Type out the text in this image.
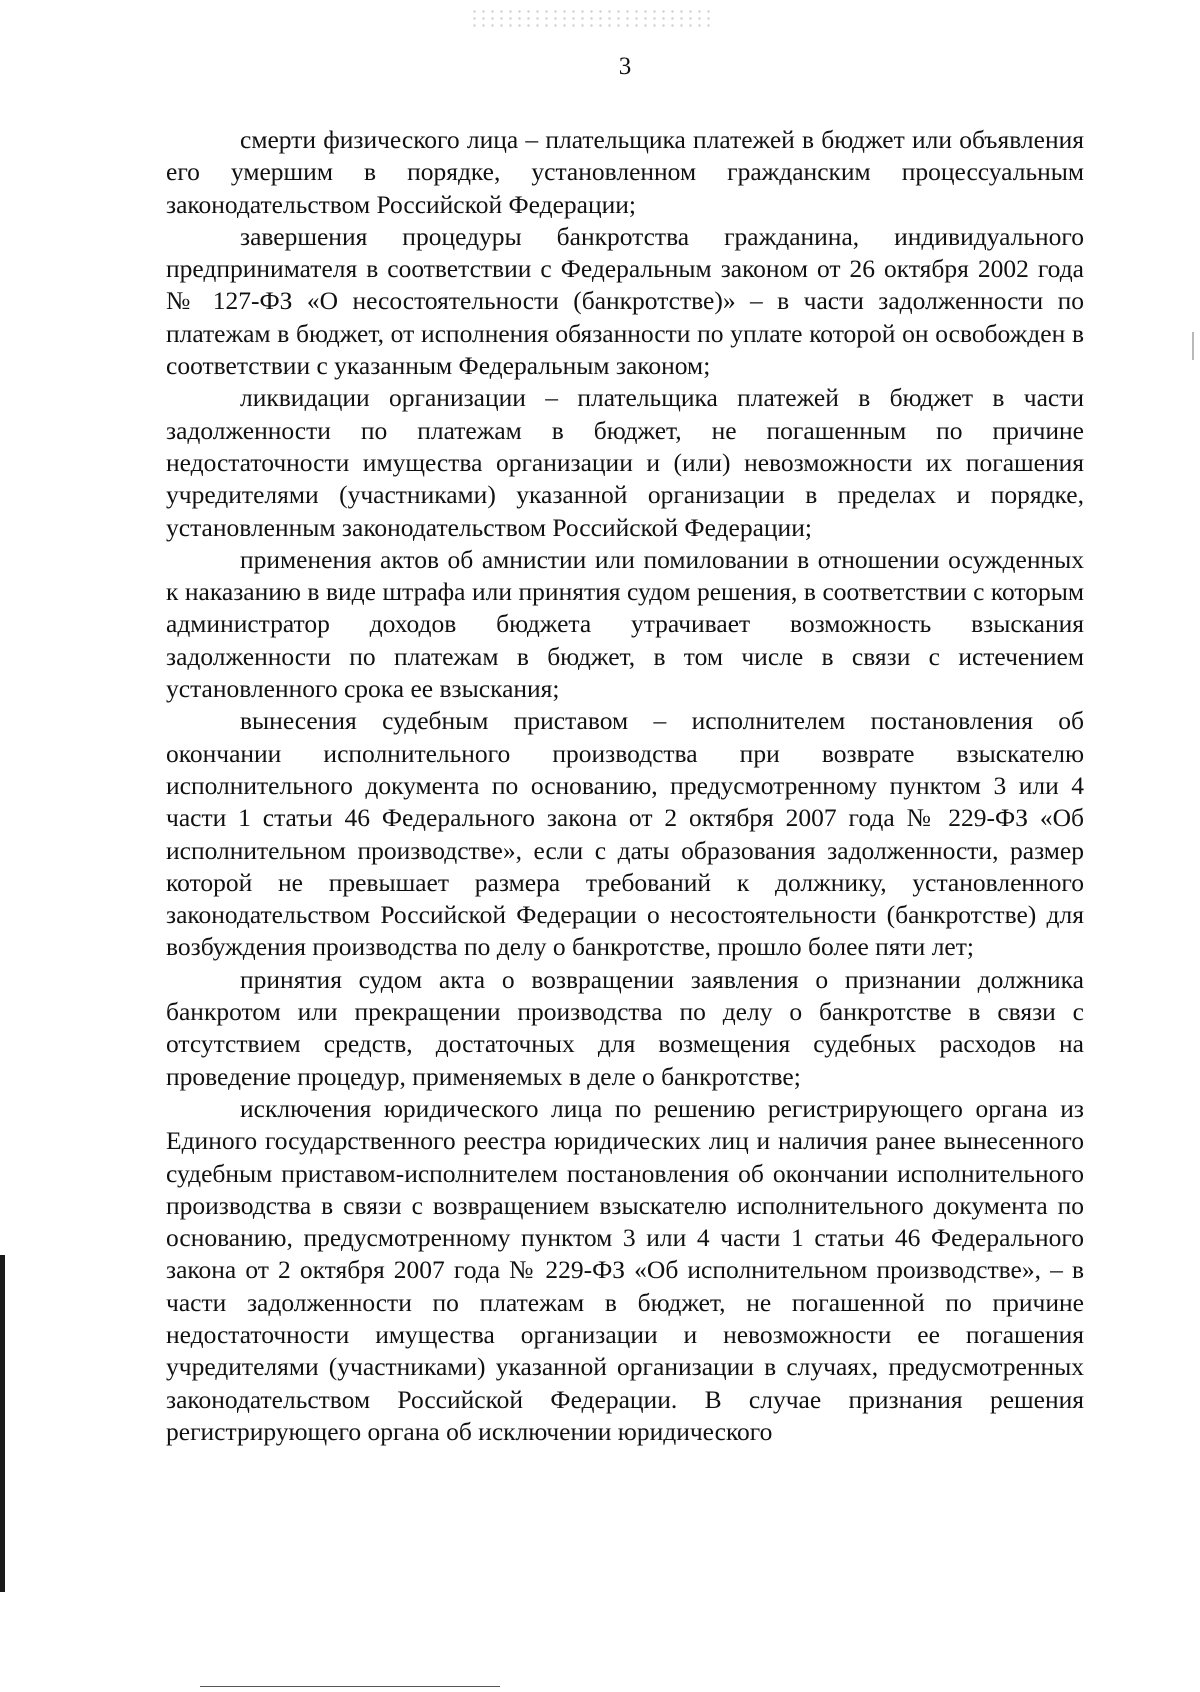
3

смерти физического лица – плательщика платежей в бюджет или объявления его умершим в порядке, установленном гражданским процессуальным законодательством Российской Федерации;

завершения процедуры банкротства гражданина, индивидуального предпринимателя в соответствии с Федеральным законом от 26 октября 2002 года № 127-ФЗ «О несостоятельности (банкротстве)» – в части задолженности по платежам в бюджет, от исполнения обязанности по уплате которой он освобожден в соответствии с указанным Федеральным законом;

ликвидации организации – плательщика платежей в бюджет в части задолженности по платежам в бюджет, не погашенным по причине недостаточности имущества организации и (или) невозможности их погашения учредителями (участниками) указанной организации в пределах и порядке, установленным законодательством Российской Федерации;

применения актов об амнистии или помиловании в отношении осужденных к наказанию в виде штрафа или принятия судом решения, в соответствии с которым администратор доходов бюджета утрачивает возможность взыскания задолженности по платежам в бюджет, в том числе в связи с истечением установленного срока ее взыскания;

вынесения судебным приставом – исполнителем постановления об окончании исполнительного производства при возврате взыскателю исполнительного документа по основанию, предусмотренному пунктом 3 или 4 части 1 статьи 46 Федерального закона от 2 октября 2007 года № 229-ФЗ «Об исполнительном производстве», если с даты образования задолженности, размер которой не превышает размера требований к должнику, установленного законодательством Российской Федерации о несостоятельности (банкротстве) для возбуждения производства по делу о банкротстве, прошло более пяти лет;

принятия судом акта о возвращении заявления о признании должника банкротом или прекращении производства по делу о банкротстве в связи с отсутствием средств, достаточных для возмещения судебных расходов на проведение процедур, применяемых в деле о банкротстве;

исключения юридического лица по решению регистрирующего органа из Единого государственного реестра юридических лиц и наличия ранее вынесенного судебным приставом-исполнителем постановления об окончании исполнительного производства в связи с возвращением взыскателю исполнительного документа по основанию, предусмотренному пунктом 3 или 4 части 1 статьи 46 Федерального закона от 2 октября 2007 года № 229-ФЗ «Об исполнительном производстве», – в части задолженности по платежам в бюджет, не погашенной по причине недостаточности имущества организации и невозможности ее погашения учредителями (участниками) указанной организации в случаях, предусмотренных законодательством Российской Федерации. В случае признания решения регистрирующего органа об исключении юридического
